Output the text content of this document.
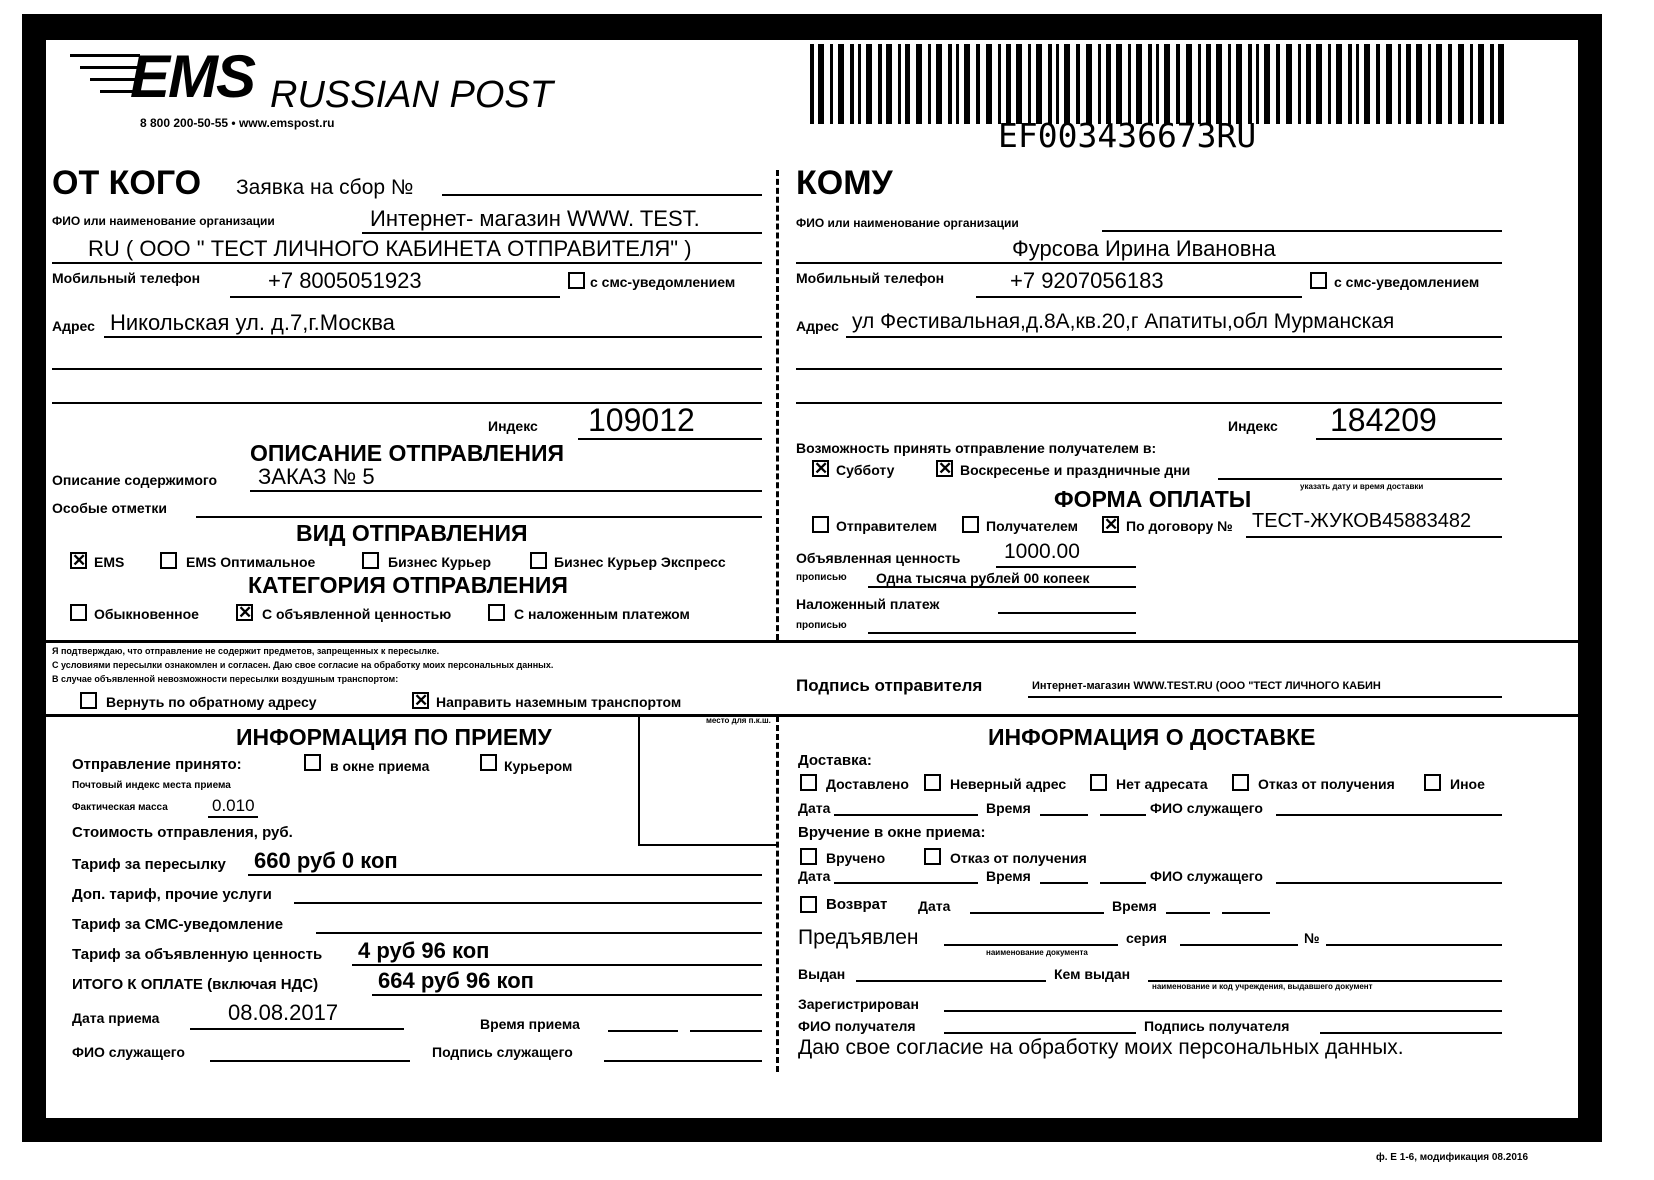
EMS RUSSIAN POST
8 800 200-50-55 • www.emspost.ru	EF003436673RU
ОТ КОГО Заявка на сбор №
ФИО или наименование организации	Интернет- магазин WWW. TEST.
RU ( ООО " ТЕСТ ЛИЧНОГО КАБИНЕТА ОТПРАВИТЕЛЯ" )
Мобильный телефон	+7 8005051923	с смс-уведомлением
Адрес Никольская ул. д.7,г.Москва
Индекс 109012
ОПИСАНИЕ ОТПРАВЛЕНИЯ
Описание содержимого ЗАКАЗ № 5
Особые отметки
ВИД ОТПРАВЛЕНИЯ
✕ EMS	EMS Оптимальное	Бизнес Курьер	Бизнес Курьер Экспресс
КАТЕГОРИЯ ОТПРАВЛЕНИЯ
Обыкновенное ✕ С объявленной ценностью	С наложенным платежом
КОМУ
ФИО или наименование организации
Фурсова Ирина Ивановна
Мобильный телефон	+7 9207056183	с смс-уведомлением
Адрес ул Фестивальная,д.8А,кв.20,г Апатиты,обл Мурманская
Индекс 184209
Возможность принять отправление получателем в:
✕ Субботу	✕ Воскресенье и праздничные дни
указать дату и время доставки
ФОРМА ОПЛАТЫ
Отправителем	Получателем ✕ По договору № ТЕСТ-ЖУКОВ45883482
Объявленная ценность 1000.00
прописью Одна тысяча рублей 00 копеек
Наложенный платеж
прописью
Я подтверждаю, что отправление не содержит предметов, запрещенных к пересылке.
С условиями пересылки ознакомлен и согласен. Даю свое согласие на обработку моих персональных данных.
В случае объявленной невозможности пересылки воздушным транспортом:
Вернуть по обратному адресу	✕ Направить наземным транспортом
Подпись отправителя	Интернет-магазин WWW.TEST.RU (ООО "ТЕСТ ЛИЧНОГО КАБИН
место для п.к.ш.
ИНФОРМАЦИЯ ПО ПРИЕМУ
Отправление принято:	в окне приема	Курьером
Почтовый индекс места приема
Фактическая масса	0.010
Стоимость отправления, руб.
Тариф за пересылку 660 руб 0 коп
Доп. тариф, прочие услуги
Тариф за СМС-уведомление
Тариф за объявленную ценность 4 руб 96 коп
ИТОГО К ОПЛАТЕ (включая НДС)	664 руб 96 коп
Дата приема	08.08.2017	Время приема
ФИО служащего	Подпись служащего
ИНФОРМАЦИЯ О ДОСТАВКЕ
Доставка:
Доставлено	Неверный адрес	Нет адресата	Отказ от получения	Иное
Дата	Время	ФИО служащего
Вручение в окне приема:
Вручено	Отказ от получения
Дата	Время	ФИО служащего
Возврат Дата	Время
Предъявлен
наименование документа
серия	№
Выдан	Кем выдан
наименование и код учреждения, выдавшего документ
Зарегистрирован
ФИО получателя	Подпись получателя
Даю свое согласие на обработку моих персональных данных.
ф. Е 1-6, модификация 08.2016
